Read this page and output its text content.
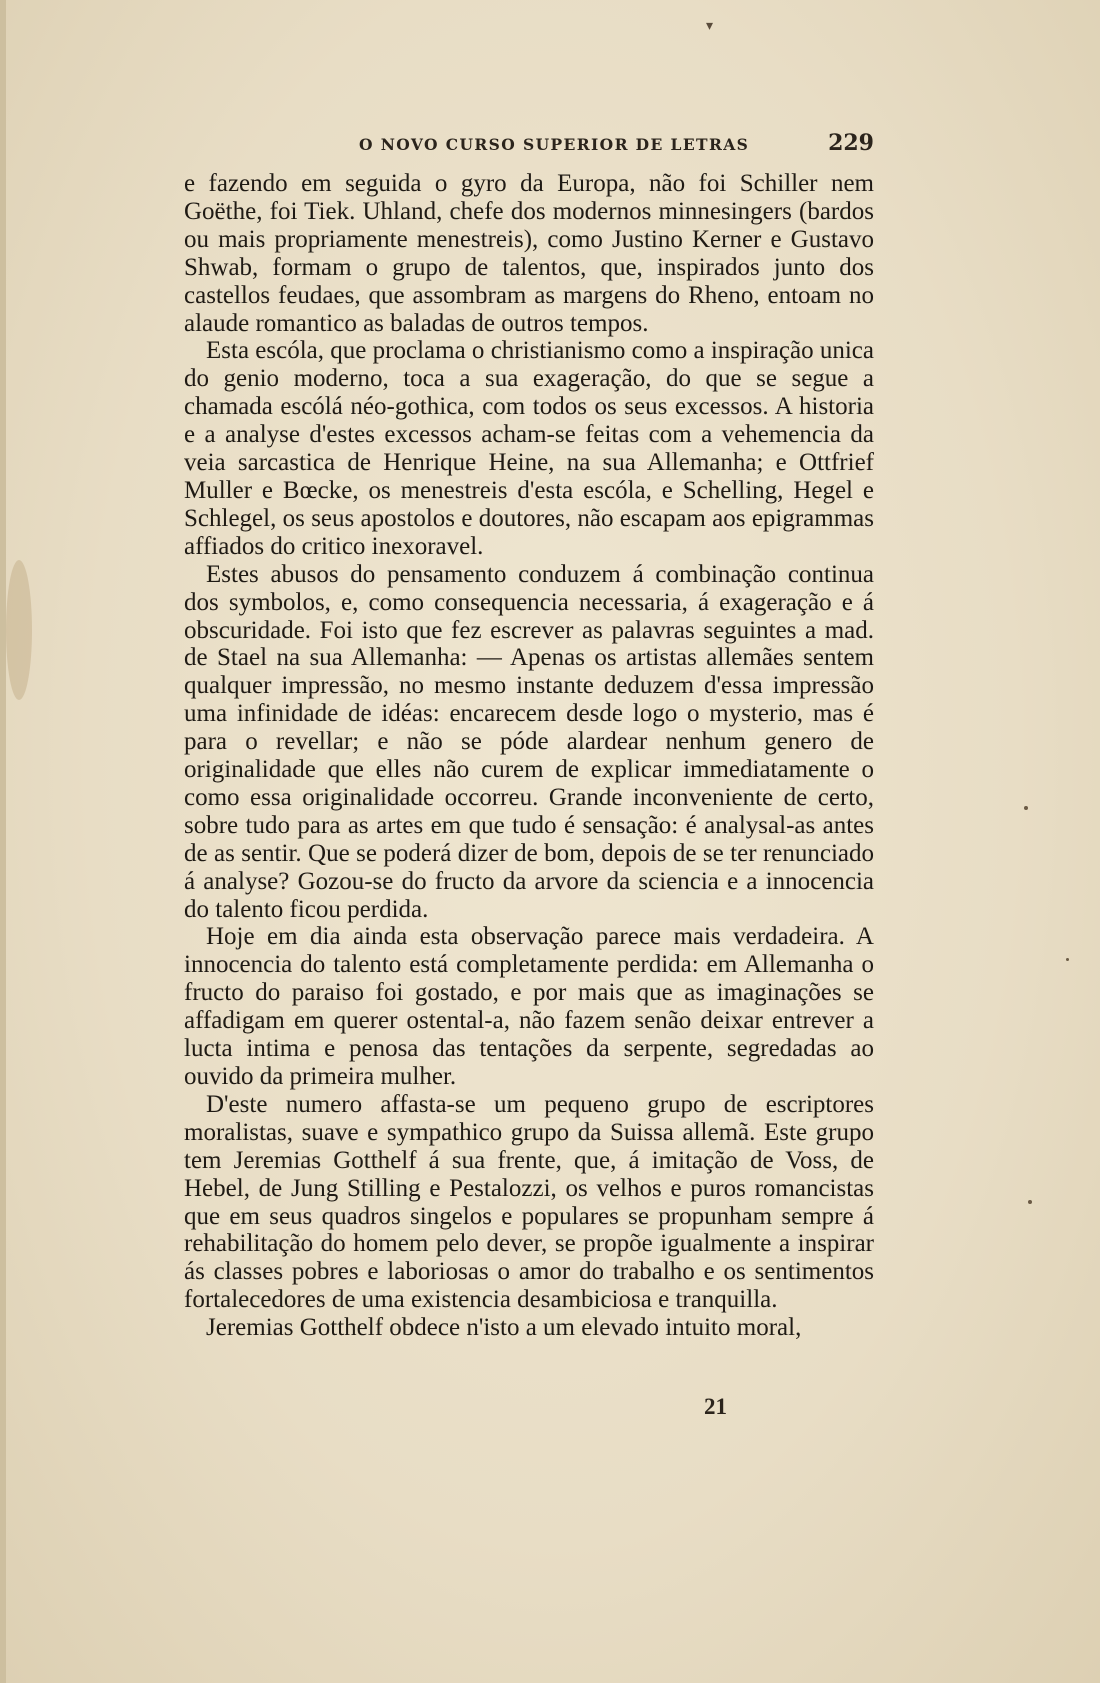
▾
O NOVO CURSO SUPERIOR DE LETRAS	229

e fazendo em seguida o gyro da Europa, não foi Schiller nem Goëthe, foi Tiek. Uhland, chefe dos modernos minnesingers (bardos ou mais propriamente menestreis), como Justino Kerner e Gustavo Shwab, formam o grupo de talentos, que, inspirados junto dos castellos feudaes, que assombram as margens do Rheno, entoam no alaude romantico as baladas de outros tempos.

Esta escóla, que proclama o christianismo como a inspiração unica do genio moderno, toca a sua exageração, do que se segue a chamada escólá néo-gothica, com todos os seus excessos. A historia e a analyse d'estes excessos acham-se feitas com a vehemencia da veia sarcastica de Henrique Heine, na sua Allemanha; e Ottfrief Muller e Bœcke, os menestreis d'esta escóla, e Schelling, Hegel e Schlegel, os seus apostolos e doutores, não escapam aos epigrammas affiados do critico inexoravel.

Estes abusos do pensamento conduzem á combinação continua dos symbolos, e, como consequencia necessaria, á exageração e á obscuridade. Foi isto que fez escrever as palavras seguintes a mad. de Stael na sua Allemanha: — Apenas os artistas allemães sentem qualquer impressão, no mesmo instante deduzem d'essa impressão uma infinidade de idéas: encarecem desde logo o mysterio, mas é para o revellar; e não se póde alardear nenhum genero de originalidade que elles não curem de explicar immediatamente o como essa originalidade occorreu. Grande inconveniente de certo, sobre tudo para as artes em que tudo é sensação: é analysal-as antes de as sentir. Que se poderá dizer de bom, depois de se ter renunciado á analyse? Gozou-se do fructo da arvore da sciencia e a innocencia do talento ficou perdida.

Hoje em dia ainda esta observação parece mais verdadeira. A innocencia do talento está completamente perdida: em Allemanha o fructo do paraiso foi gostado, e por mais que as imaginações se affadigam em querer ostental-a, não fazem senão deixar entrever a lucta intima e penosa das tentações da serpente, segredadas ao ouvido da primeira mulher.

D'este numero affasta-se um pequeno grupo de escriptores moralistas, suave e sympathico grupo da Suissa allemã. Este grupo tem Jeremias Gotthelf á sua frente, que, á imitação de Voss, de Hebel, de Jung Stilling e Pestalozzi, os velhos e puros romancistas que em seus quadros singelos e populares se propunham sempre á rehabilitação do homem pelo dever, se propõe igualmente a inspirar ás classes pobres e laboriosas o amor do trabalho e os sentimentos fortalecedores de uma existencia desambiciosa e tranquilla.

Jeremias Gotthelf obdece n'isto a um elevado intuito moral,

21
